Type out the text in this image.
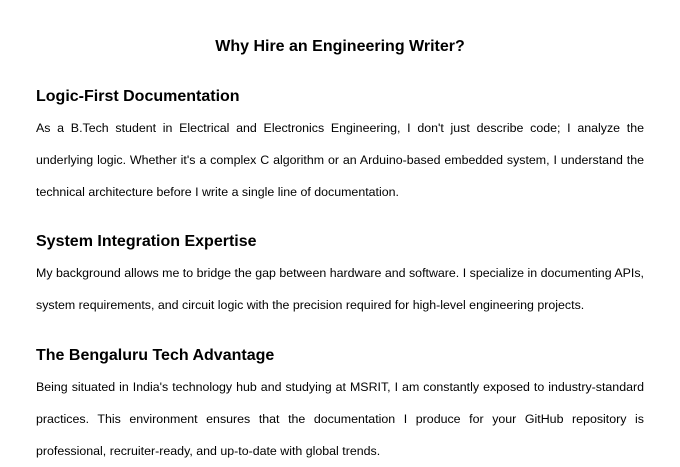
Why Hire an Engineering Writer?
Logic-First Documentation

As a B.Tech student in Electrical and Electronics Engineering, I don't just describe code; I analyze the underlying logic. Whether it's a complex C algorithm or an Arduino-based embedded system, I understand the technical architecture before I write a single line of documentation.

System Integration Expertise

My background allows me to bridge the gap between hardware and software. I specialize in documenting APIs, system requirements, and circuit logic with the precision required for high-level engineering projects.

The Bengaluru Tech Advantage

Being situated in India's technology hub and studying at MSRIT, I am constantly exposed to industry-standard practices. This environment ensures that the documentation I produce for your GitHub repository is professional, recruiter-ready, and up-to-date with global trends.
